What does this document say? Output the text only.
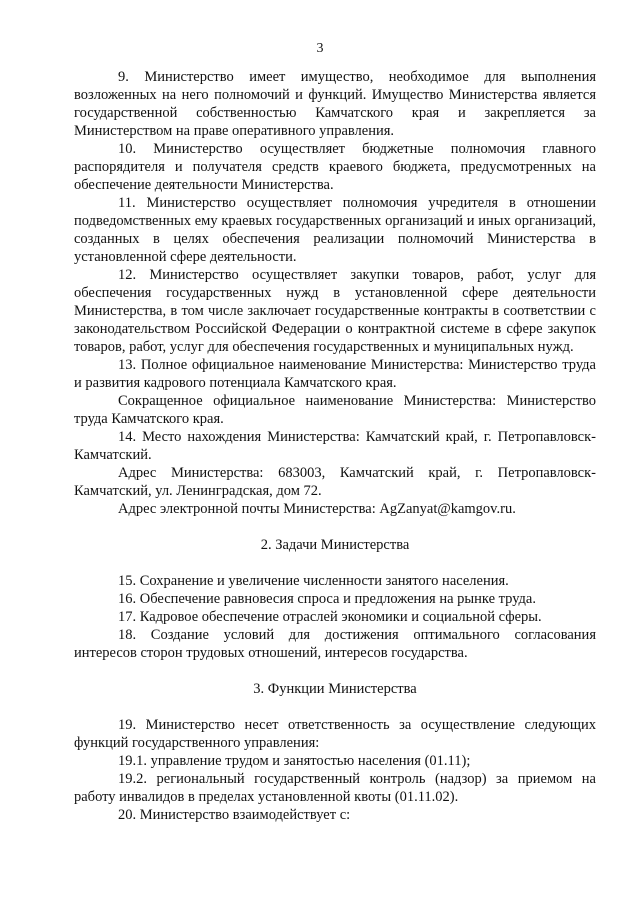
3

9. Министерство имеет имущество, необходимое для выполнения возложенных на него полномочий и функций. Имущество Министерства является государственной собственностью Камчатского края и закрепляется за Министерством на праве оперативного управления.

10. Министерство осуществляет бюджетные полномочия главного распорядителя и получателя средств краевого бюджета, предусмотренных на обеспечение деятельности Министерства.

11. Министерство осуществляет полномочия учредителя в отношении подведомственных ему краевых государственных организаций и иных организаций, созданных в целях обеспечения реализации полномочий Министерства в установленной сфере деятельности.

12. Министерство осуществляет закупки товаров, работ, услуг для обеспечения государственных нужд в установленной сфере деятельности Министерства, в том числе заключает государственные контракты в соответствии с законодательством Российской Федерации о контрактной системе в сфере закупок товаров, работ, услуг для обеспечения государственных и муниципальных нужд.

13. Полное официальное наименование Министерства: Министерство труда и развития кадрового потенциала Камчатского края.

Сокращенное официальное наименование Министерства: Министерство труда Камчатского края.

14. Место нахождения Министерства: Камчатский край, г. Петропавловск-Камчатский.

Адрес Министерства: 683003, Камчатский край, г. Петропавловск-Камчатский, ул. Ленинградская, дом 72.

Адрес электронной почты Министерства: AgZanyat@kamgov.ru.

2. Задачи Министерства

15. Сохранение и увеличение численности занятого населения.

16. Обеспечение равновесия спроса и предложения на рынке труда.

17. Кадровое обеспечение отраслей экономики и социальной сферы.

18. Создание условий для достижения оптимального согласования интересов сторон трудовых отношений, интересов государства.

3. Функции Министерства

19. Министерство несет ответственность за осуществление следующих функций государственного управления:

19.1. управление трудом и занятостью населения (01.11);

19.2. региональный государственный контроль (надзор) за приемом на работу инвалидов в пределах установленной квоты (01.11.02).

20. Министерство взаимодействует с:
